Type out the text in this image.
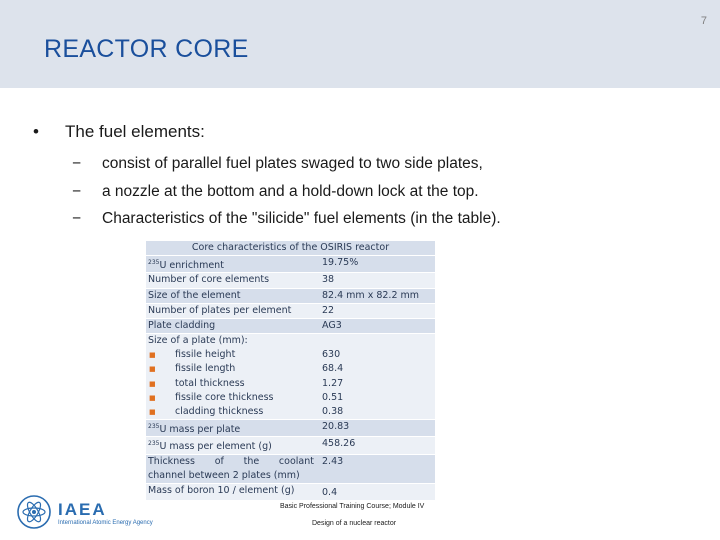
7
REACTOR CORE
• The fuel elements:
− consist of parallel fuel plates swaged to two side plates,
− a nozzle at the bottom and a hold-down lock at the top.
− Characteristics of the "silicide" fuel elements (in the table).
Core characteristics of the OSIRIS reactor	
$^{235}$U enrichment	19.75%
Number of core elements	38
Size of the element	82.4 mm x 82.2 mm
Number of plates per element	22
Plate cladding	AG3
Size of a plate (mm):	
■ fissile height	630
■ fissile length	68.4
■ total thickness	1.27
■ fissile core thickness	0.51
■ cladding thickness	0.38
$^{235}$U mass per plate	20.83
$^{235}$U mass per element (g)	458.26
Thickness of the coolant	2.43
channel between 2 plates (mm)	
Mass of boron 10 / element (g)	0.4
IAEA
International Atomic Energy Agency
Basic Professional Training Course; Module IV
Design of a nuclear reactor
